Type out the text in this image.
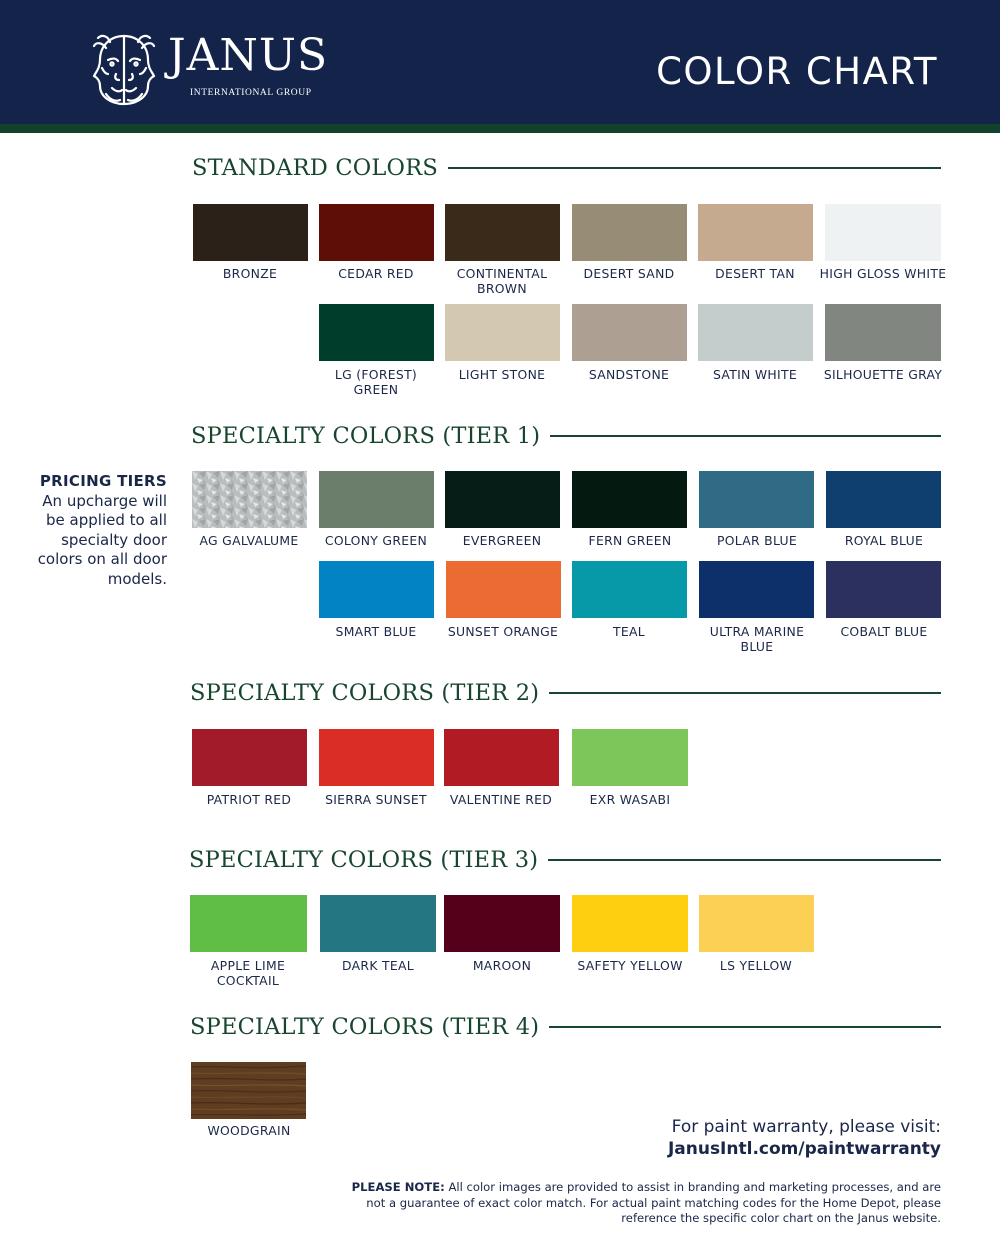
JANUS
INTERNATIONAL GROUP	COLOR CHART
STANDARD COLORS
SPECIALTY COLORS (TIER 1)
SPECIALTY COLORS (TIER 2)
SPECIALTY COLORS (TIER 3)
SPECIALTY COLORS (TIER 4)
BRONZE	CEDAR RED	CONTINENTAL BROWN
DESERT SAND	DESERT TAN	HIGH GLOSS WHITE
LG (FOREST) GREEN
LIGHT STONE	SANDSTONE	SATIN WHITE	SILHOUETTE GRAY
PRICING TIERS
An upcharge will be applied to all specialty door colors on all door models.
AG GALVALUME	COLONY GREEN	EVERGREEN	FERN GREEN	POLAR BLUE	ROYAL BLUE
SMART BLUE	SUNSET ORANGE	TEAL	ULTRA MARINE BLUE
COBALT BLUE
PATRIOT RED	SIERRA SUNSET	VALENTINE RED	EXR WASABI
APPLE LIME COCKTAIL
DARK TEAL	MAROON	SAFETY YELLOW	LS YELLOW
WOODGRAIN	For paint warranty, please visit:
JanusIntl.com/paintwarranty
PLEASE NOTE: All color images are provided to assist in branding and marketing processes, and are not a guarantee of exact color match. For actual paint matching codes for the Home Depot, please reference the specific color chart on the Janus website.
